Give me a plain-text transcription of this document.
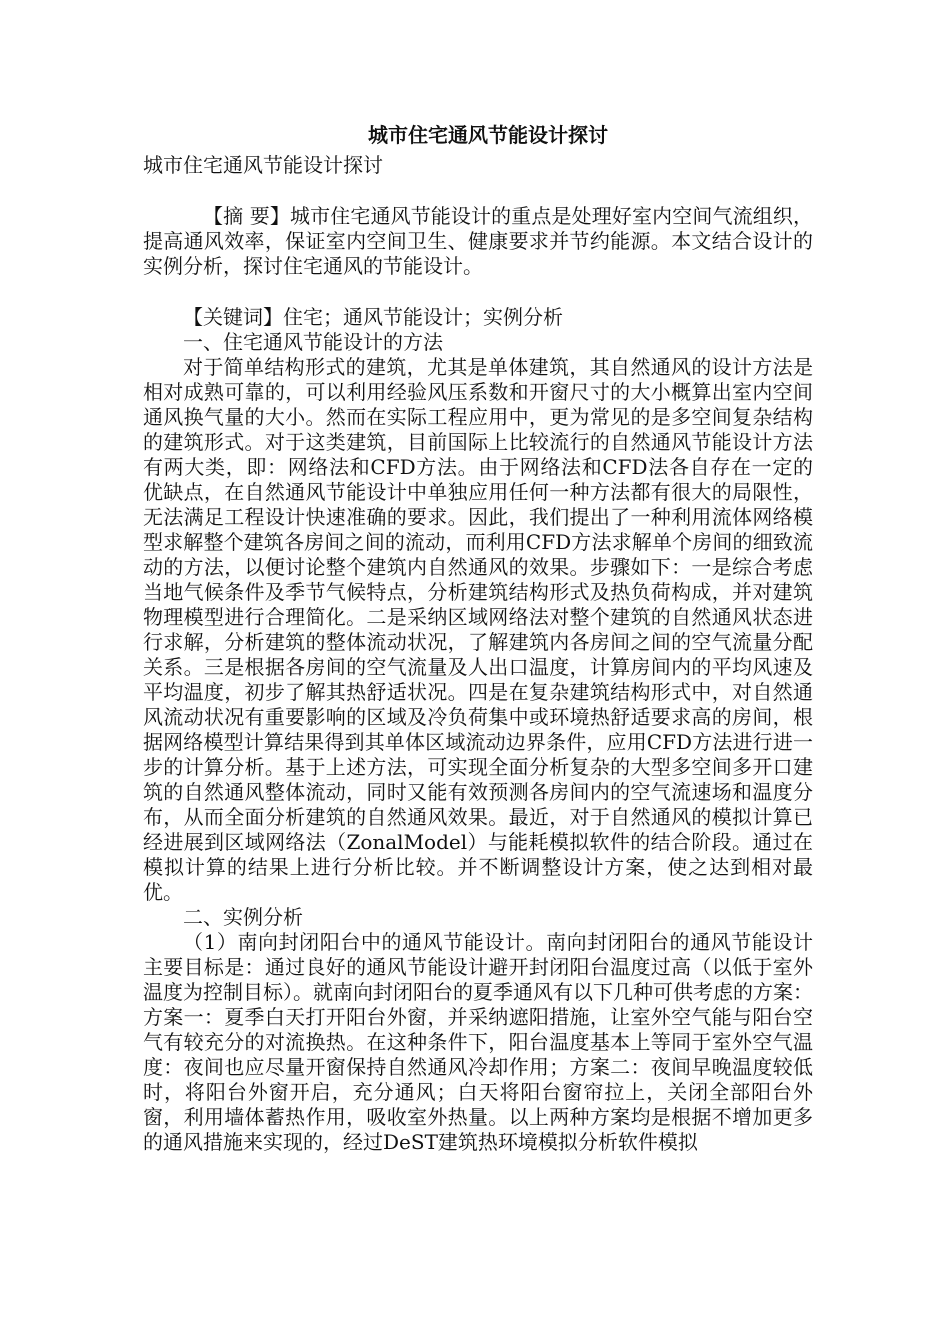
城市住宅通风节能设计探讨

城市住宅通风节能设计探讨

【摘 要】城市住宅通风节能设计的重点是处理好室内空间气流组织，提高通风效率，保证室内空间卫生、健康要求并节约能源。本文结合设计的实例分析，探讨住宅通风的节能设计。

【关键词】住宅；通风节能设计；实例分析

一、住宅通风节能设计的方法

对于简单结构形式的建筑，尤其是单体建筑，其自然通风的设计方法是相对成熟可靠的，可以利用经验风压系数和开窗尺寸的大小概算出室内空间通风换气量的大小。然而在实际工程应用中，更为常见的是多空间复杂结构的建筑形式。对于这类建筑，目前国际上比较流行的自然通风节能设计方法有两大类，即：网络法和CFD方法。由于网络法和CFD法各自存在一定的优缺点，在自然通风节能设计中单独应用任何一种方法都有很大的局限性，无法满足工程设计快速准确的要求。因此，我们提出了一种利用流体网络模型求解整个建筑各房间之间的流动，而利用CFD方法求解单个房间的细致流动的方法，以便讨论整个建筑内自然通风的效果。步骤如下：一是综合考虑当地气候条件及季节气候特点，分析建筑结构形式及热负荷构成，并对建筑物理模型进行合理简化。二是采纳区域网络法对整个建筑的自然通风状态进行求解，分析建筑的整体流动状况，了解建筑内各房间之间的空气流量分配关系。三是根据各房间的空气流量及人出口温度，计算房间内的平均风速及平均温度，初步了解其热舒适状况。四是在复杂建筑结构形式中，对自然通风流动状况有重要影响的区域及冷负荷集中或环境热舒适要求高的房间，根据网络模型计算结果得到其单体区域流动边界条件，应用CFD方法进行进一步的计算分析。基于上述方法，可实现全面分析复杂的大型多空间多开口建筑的自然通风整体流动，同时又能有效预测各房间内的空气流速场和温度分布，从而全面分析建筑的自然通风效果。最近，对于自然通风的模拟计算已经进展到区域网络法（ZonalModel）与能耗模拟软件的结合阶段。通过在模拟计算的结果上进行分析比较。并不断调整设计方案，使之达到相对最优。

二、实例分析

（1）南向封闭阳台中的通风节能设计。南向封闭阳台的通风节能设计主要目标是：通过良好的通风节能设计避开封闭阳台温度过高（以低于室外温度为控制目标）。就南向封闭阳台的夏季通风有以下几种可供考虑的方案：方案一：夏季白天打开阳台外窗，并采纳遮阳措施，让室外空气能与阳台空气有较充分的对流换热。在这种条件下，阳台温度基本上等同于室外空气温度：夜间也应尽量开窗保持自然通风冷却作用；方案二：夜间早晚温度较低时，将阳台外窗开启，充分通风；白天将阳台窗帘拉上，关闭全部阳台外窗，利用墙体蓄热作用，吸收室外热量。以上两种方案均是根据不增加更多的通风措施来实现的，经过DeST建筑热环境模拟分析软件模拟
